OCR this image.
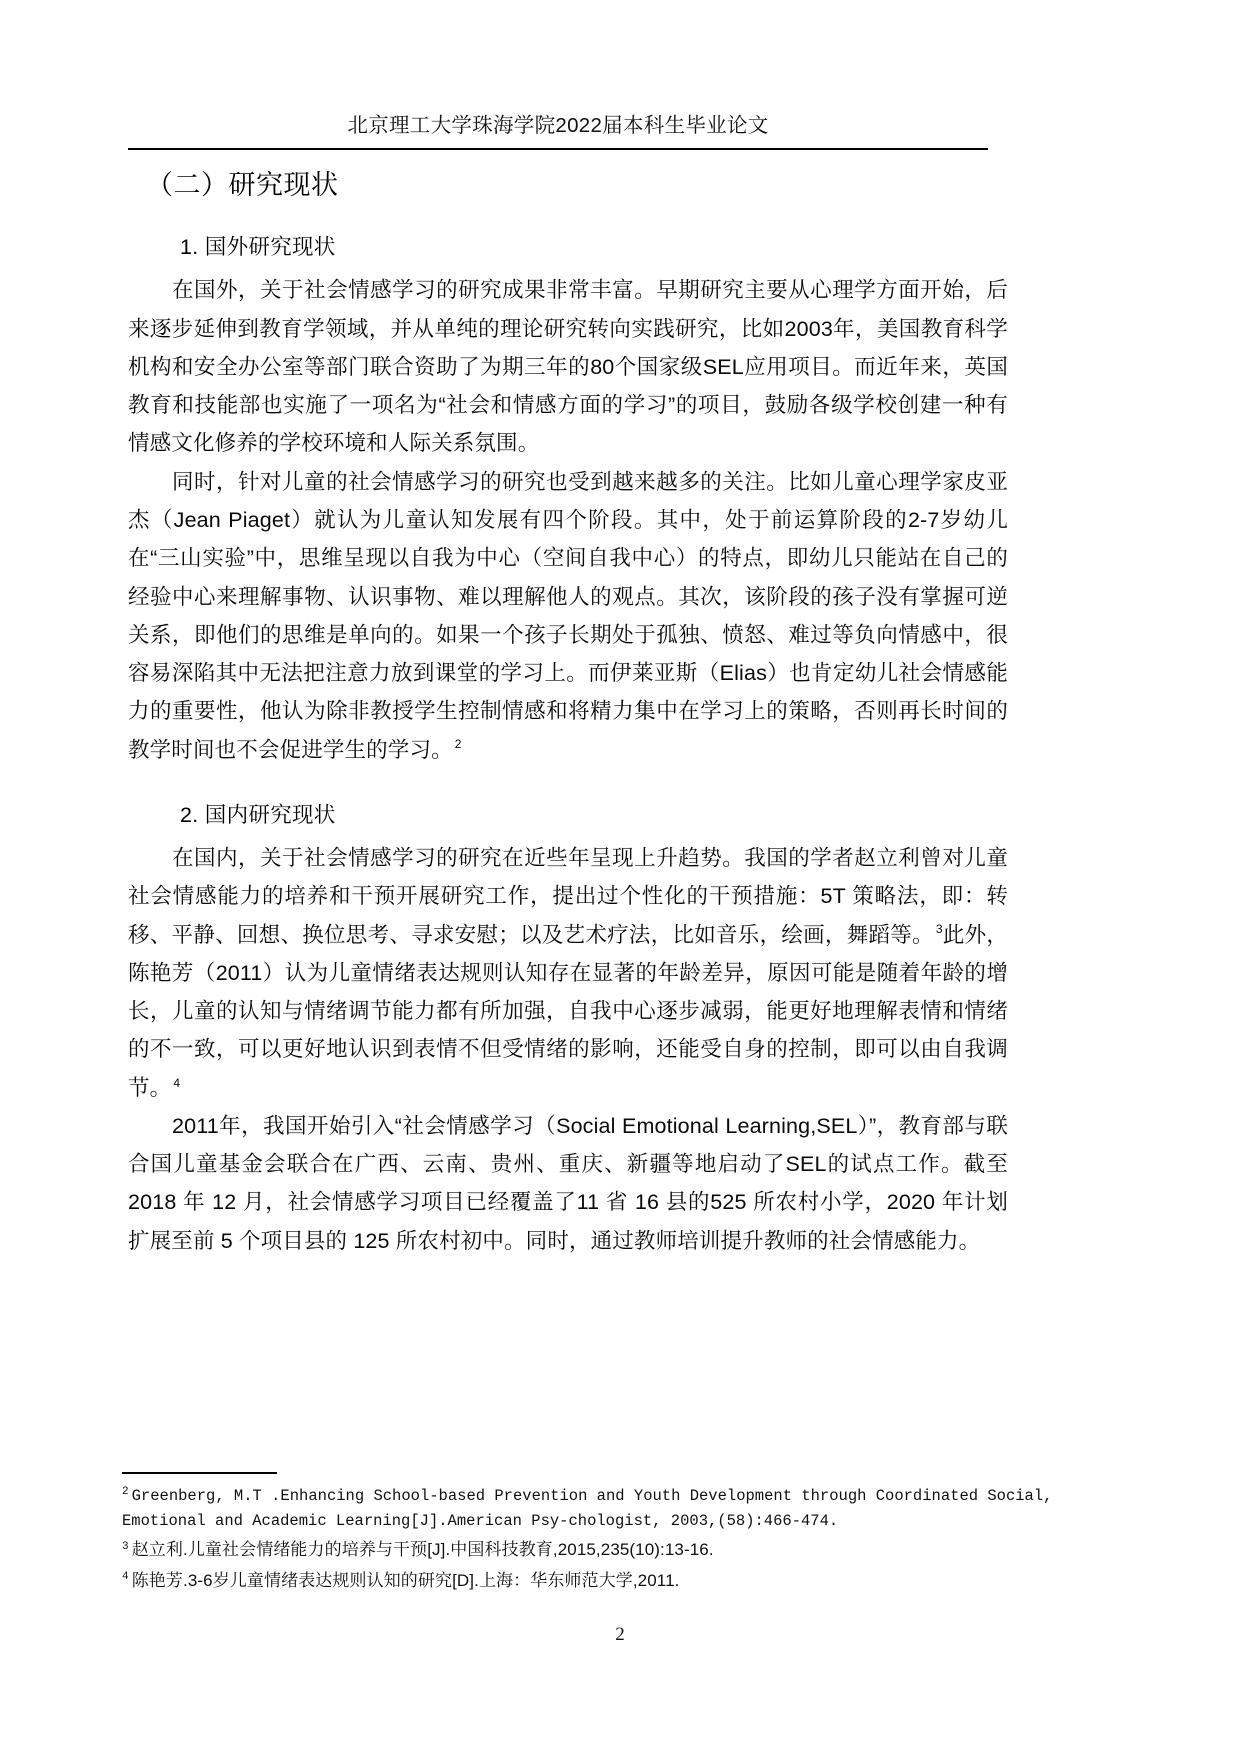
北京理工大学珠海学院2022届本科生毕业论文
（二）研究现状
1. 国外研究现状

在国外，关于社会情感学习的研究成果非常丰富。早期研究主要从心理学方面开始，后来逐步延伸到教育学领域，并从单纯的理论研究转向实践研究，比如2003年，美国教育科学机构和安全办公室等部门联合资助了为期三年的80个国家级SEL应用项目。而近年来，英国教育和技能部也实施了一项名为“社会和情感方面的学习”的项目，鼓励各级学校创建一种有情感文化修养的学校环境和人际关系氛围。

同时，针对儿童的社会情感学习的研究也受到越来越多的关注。比如儿童心理学家皮亚杰（Jean Piaget）就认为儿童认知发展有四个阶段。其中，处于前运算阶段的2-7岁幼儿在“三山实验”中，思维呈现以自我为中心（空间自我中心）的特点，即幼儿只能站在自己的经验中心来理解事物、认识事物、难以理解他人的观点。其次，该阶段的孩子没有掌握可逆关系，即他们的思维是单向的。如果一个孩子长期处于孤独、愤怒、难过等负向情感中，很容易深陷其中无法把注意力放到课堂的学习上。而伊莱亚斯（Elias）也肯定幼儿社会情感能力的重要性，他认为除非教授学生控制情感和将精力集中在学习上的策略，否则再长时间的教学时间也不会促进学生的学习。 $^2$

2. 国内研究现状

在国内，关于社会情感学习的研究在近些年呈现上升趋势。我国的学者赵立利曾对儿童社会情感能力的培养和干预开展研究工作，提出过个性化的干预措施：5T 策略法，即：转移、平静、回想、换位思考、寻求安慰；以及艺术疗法，比如音乐，绘画，舞蹈等。 $^3$此外，陈艳芳（2011）认为儿童情绪表达规则认知存在显著的年龄差异，原因可能是随着年龄的增长，儿童的认知与情绪调节能力都有所加强，自我中心逐步减弱，能更好地理解表情和情绪的不一致，可以更好地认识到表情不但受情绪的影响，还能受自身的控制，即可以由自我调节。 $^4$

2011年，我国开始引入“社会情感学习（Social Emotional Learning,SEL）”，教育部与联合国儿童基金会联合在广西、云南、贵州、重庆、新疆等地启动了SEL的试点工作。截至 2018 年 12 月，社会情感学习项目已经覆盖了11 省 16 县的525 所农村小学，2020 年计划扩展至前 5 个项目县的 125 所农村初中。同时，通过教师培训提升教师的社会情感能力。

$^2$ Greenberg, M.T .Enhancing School-based Prevention and Youth Development through Coordinated Social, Emotional and Academic Learning[J].American Psy-chologist, 2003,(58):466-474.

$^3$ 赵立利.儿童社会情绪能力的培养与干预[J].中国科技教育,2015,235(10):13-16.

$^4$ 陈艳芳.3-6岁儿童情绪表达规则认知的研究[D].上海：华东师范大学,2011.

2
